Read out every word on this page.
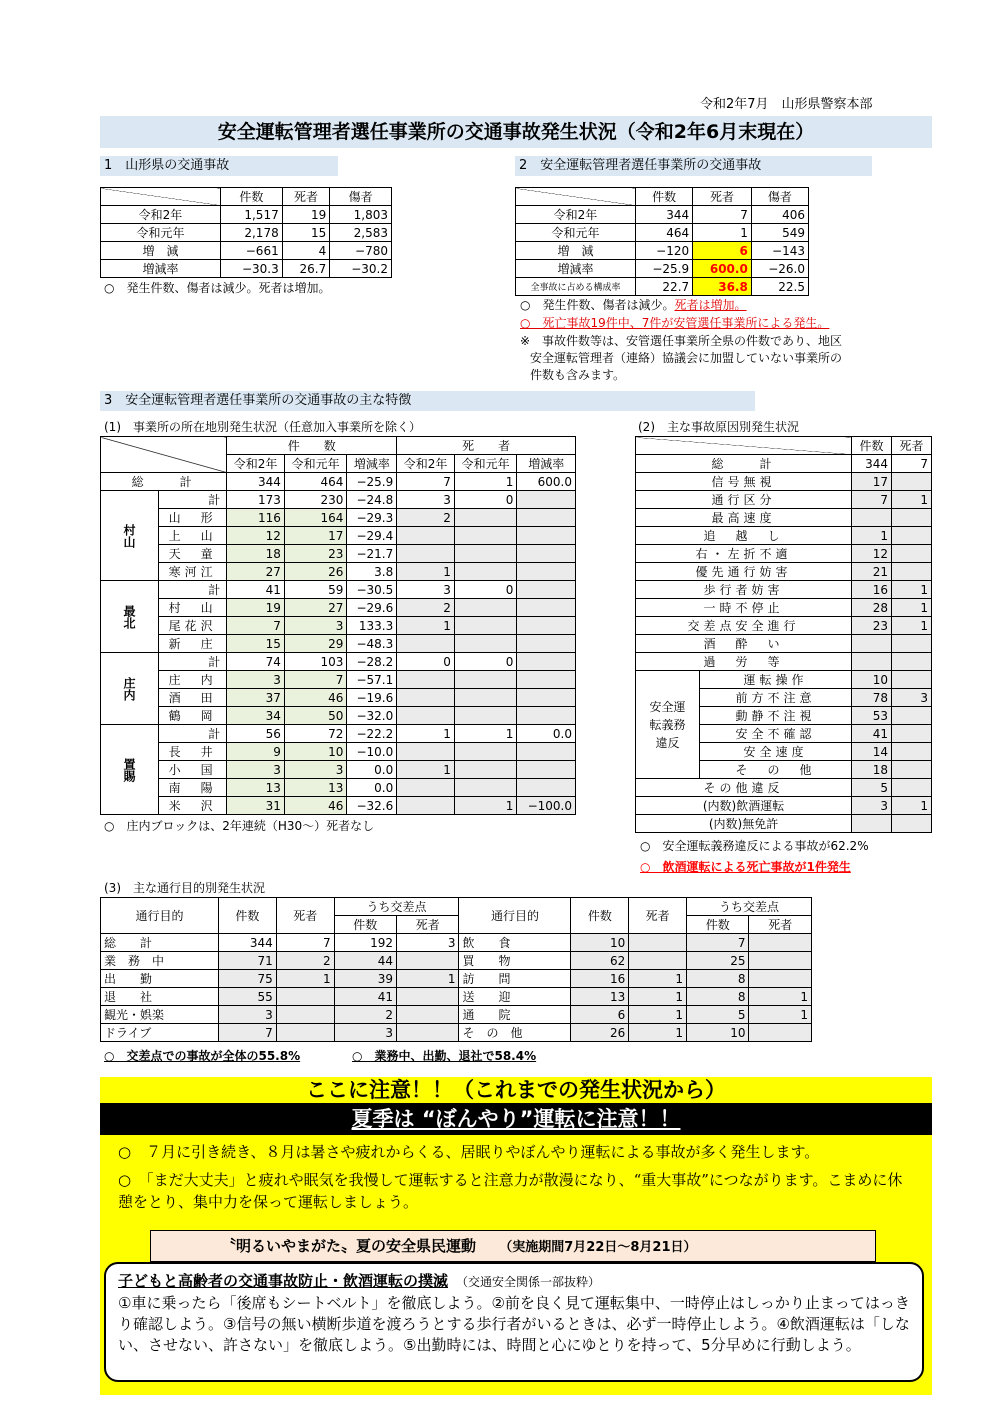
令和2年7月　山形県警察本部
安全運転管理者選任事業所の交通事故発生状況（令和2年6月末現在）
1　山形県の交通事故
	件数	死者	傷者
令和2年	1,517	19	1,803
令和元年	2,178	15	2,583
増　減	−661	4	−780
増減率	−30.3	26.7	−30.2
○　発生件数、傷者は減少。死者は増加。
2　安全運転管理者選任事業所の交通事故
	件数	死者	傷者
令和2年	344	7	406
令和元年	464	1	549
増　減	−120	6	−143
増減率	−25.9	600.0	−26.0
全事故に占める構成率	22.7	36.8	22.5
○　発生件数、傷者は減少。死者は増加。
○　死亡事故19件中、7件が安管選任事業所による発生。
※　事故件数等は、安管選任事業所全県の件数であり、地区
安全運転管理者（連絡）協議会に加盟していない事業所の
件数も含みます。
3　安全運転管理者選任事業所の交通事故の主な特徴
(1)　事業所の所在地別発生状況（任意加入事業所を除く）
		件　　数			死　　者		
		令和2年	令和元年	増減率	令和2年	令和元年	増減率
総　　計		344	464	−25.9	7	1	600.0
村山	計	173	230	−24.8	3	0	
	山　形	116	164	−29.3	2		
	上　山	12	17	−29.4			
	天　童	18	23	−21.7			
	寒河江	27	26	3.8	1		
最北	計	41	59	−30.5	3	0	
	村　山	19	27	−29.6	2		
	尾花沢	7	3	133.3	1		
	新　庄	15	29	−48.3			
庄内	計	74	103	−28.2	0	0	
	庄　内	3	7	−57.1			
	酒　田	37	46	−19.6			
	鶴　岡	34	50	−32.0			
置賜	計	56	72	−22.2	1	1	0.0
	長　井	9	10	−10.0			
	小　国	3	3	0.0	1		
	南　陽	13	13	0.0			
	米　沢	31	46	−32.6		1	−100.0
○　庄内ブロックは、2年連続（H30〜）死者なし
(2)　主な事故原因別発生状況
		件数	死者
総　　計		344	7
信号無視		17	
通行区分		7	1
最高速度			
追　越　し		1	
右・左折不適		12	
優先通行妨害		21	
歩行者妨害		16	1
一時不停止		28	1
交差点安全進行		23	1
酒　酔　い			
過　労　等			
安全運転義務違反	運転操作	10	
	前方不注意	78	3
	動静不注視	53	
	安全不確認	41	
	安全速度	14	
	そ　の　他	18	
その他違反		5	
(内数)飲酒運転		3	1
(内数)無免許			
○　安全運転義務違反による事故が62.2%
○　飲酒運転による死亡事故が1件発生
(3)　主な通行目的別発生状況
通行目的	件数	死者	うち交差点		通行目的	件数	死者	うち交差点	
			件数	死者				件数	死者
総　　計	344	7	192	3	飲　　食	10		7	
業　務　中	71	2	44		買　　物	62		25	
出　　勤	75	1	39	1	訪　　問	16	1	8	
退　　社	55		41		送　　迎	13	1	8	1
観光・娯楽	3		2		通　　院	6	1	5	1
ドライブ	7		3		そ　の　他	26	1	10	
○　交差点での事故が全体の55.8%	○　業務中、出勤、退社で58.4%
ここに注意！！（これまでの発生状況から）
夏季は “ぼんやり”運転に注意！！
○　７月に引き続き、８月は暑さや疲れからくる、居眠りやぼんやり運転による事故が多く発生します。
○　「まだ大丈夫」と疲れや眠気を我慢して運転すると注意力が散漫になり、“重大事故”につながります。こまめに休憩をとり、集中力を保って運転しましょう。
〝明るいやまがた〟夏の安全県民運動 （実施期間7月22日～8月21日）
子どもと高齢者の交通事故防止・飲酒運転の撲滅 （交通安全関係一部抜粋）
①車に乗ったら「後席もシートベルト」を徹底しよう。②前を良く見て運転集中、一時停止はしっかり止まってはっきり確認しよう。③信号の無い横断歩道を渡ろうとする歩行者がいるときは、必ず一時停止しよう。④飲酒運転は「しない、させない、許さない」を徹底しよう。⑤出勤時には、時間と心にゆとりを持って、5分早めに行動しよう。
